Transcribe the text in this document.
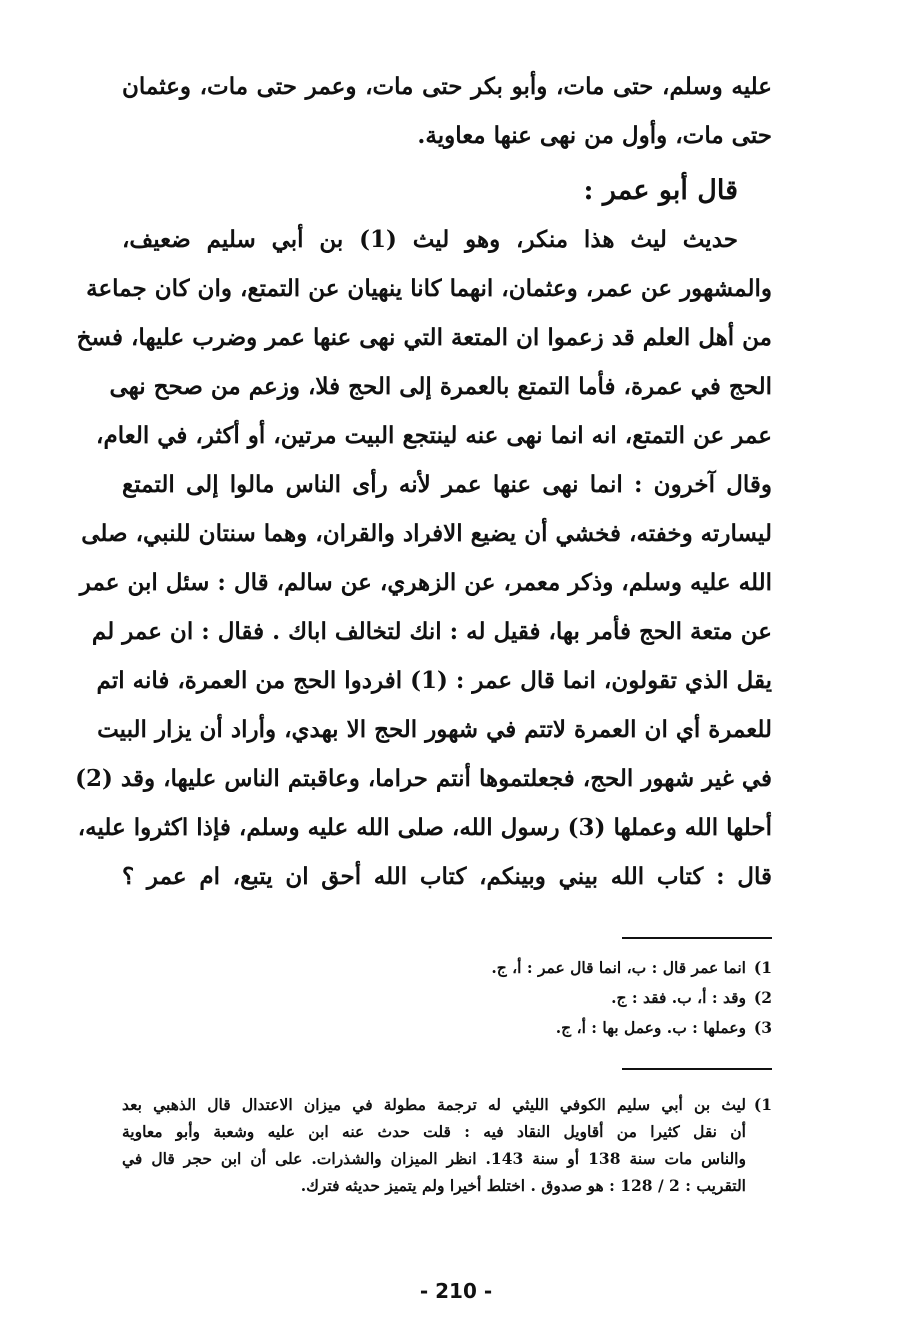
عليه وسلم، حتى مات، وأبو بكر حتى مات، وعمر حتى مات، وعثمان
حتى مات، وأول من نهى عنها معاوية.
قال أبو عمر :
حديث ليث هذا منكر، وهو ليث (1) بن أبي سليم ضعيف،
والمشهور عن عمر، وعثمان، انهما كانا ينهيان عن التمتع، وان كان جماعة
من أهل العلم قد زعموا ان المتعة التي نهى عنها عمر وضرب عليها، فسخ
الحج في عمرة، فأما التمتع بالعمرة إلى الحج فلا، وزعم من صحح نهى
عمر عن التمتع، انه انما نهى عنه لينتجع البيت مرتين، أو أكثر، في العام،
وقال آخرون : انما نهى عنها عمر لأنه رأى الناس مالوا إلى التمتع
ليسارته وخفته، فخشي أن يضيع الافراد والقران، وهما سنتان للنبي، صلى
الله عليه وسلم، وذكر معمر، عن الزهري، عن سالم، قال : سئل ابن عمر
عن متعة الحج فأمر بها، فقيل له : انك لتخالف اباك . فقال : ان عمر لم
يقل الذي تقولون، انما قال عمر : (1) افردوا الحج من العمرة، فانه اتم
للعمرة أي ان العمرة لاتتم في شهور الحج الا بهدي، وأراد أن يزار البيت
في غير شهور الحج، فجعلتموها أنتم حراما، وعاقبتم الناس عليها، وقد (2)
أحلها الله وعملها (3) رسول الله، صلى الله عليه وسلم، فإذا اكثروا عليه،
قال : كتاب الله بيني وبينكم، كتاب الله أحق ان يتبع، ام عمر ؟
1)انما عمر قال : ب، انما قال عمر : أ، ج.
2)وقد : أ، ب. فقد : ج.
3)وعملها : ب. وعمل بها : أ، ج.
1)
ليث بن أبي سليم الكوفي الليثي له ترجمة مطولة في ميزان الاعتدال قال الذهبي بعد
أن نقل كثيرا من أقاويل النقاد فيه : قلت حدث عنه ابن عليه وشعبة وأبو معاوية
والناس مات سنة 138 أو سنة 143. انظر الميزان والشذرات. على أن ابن حجر قال في
التقريب : 2 / 128 : هو صدوق . اختلط أخيرا ولم يتميز حديثه فترك.
- 210 -
